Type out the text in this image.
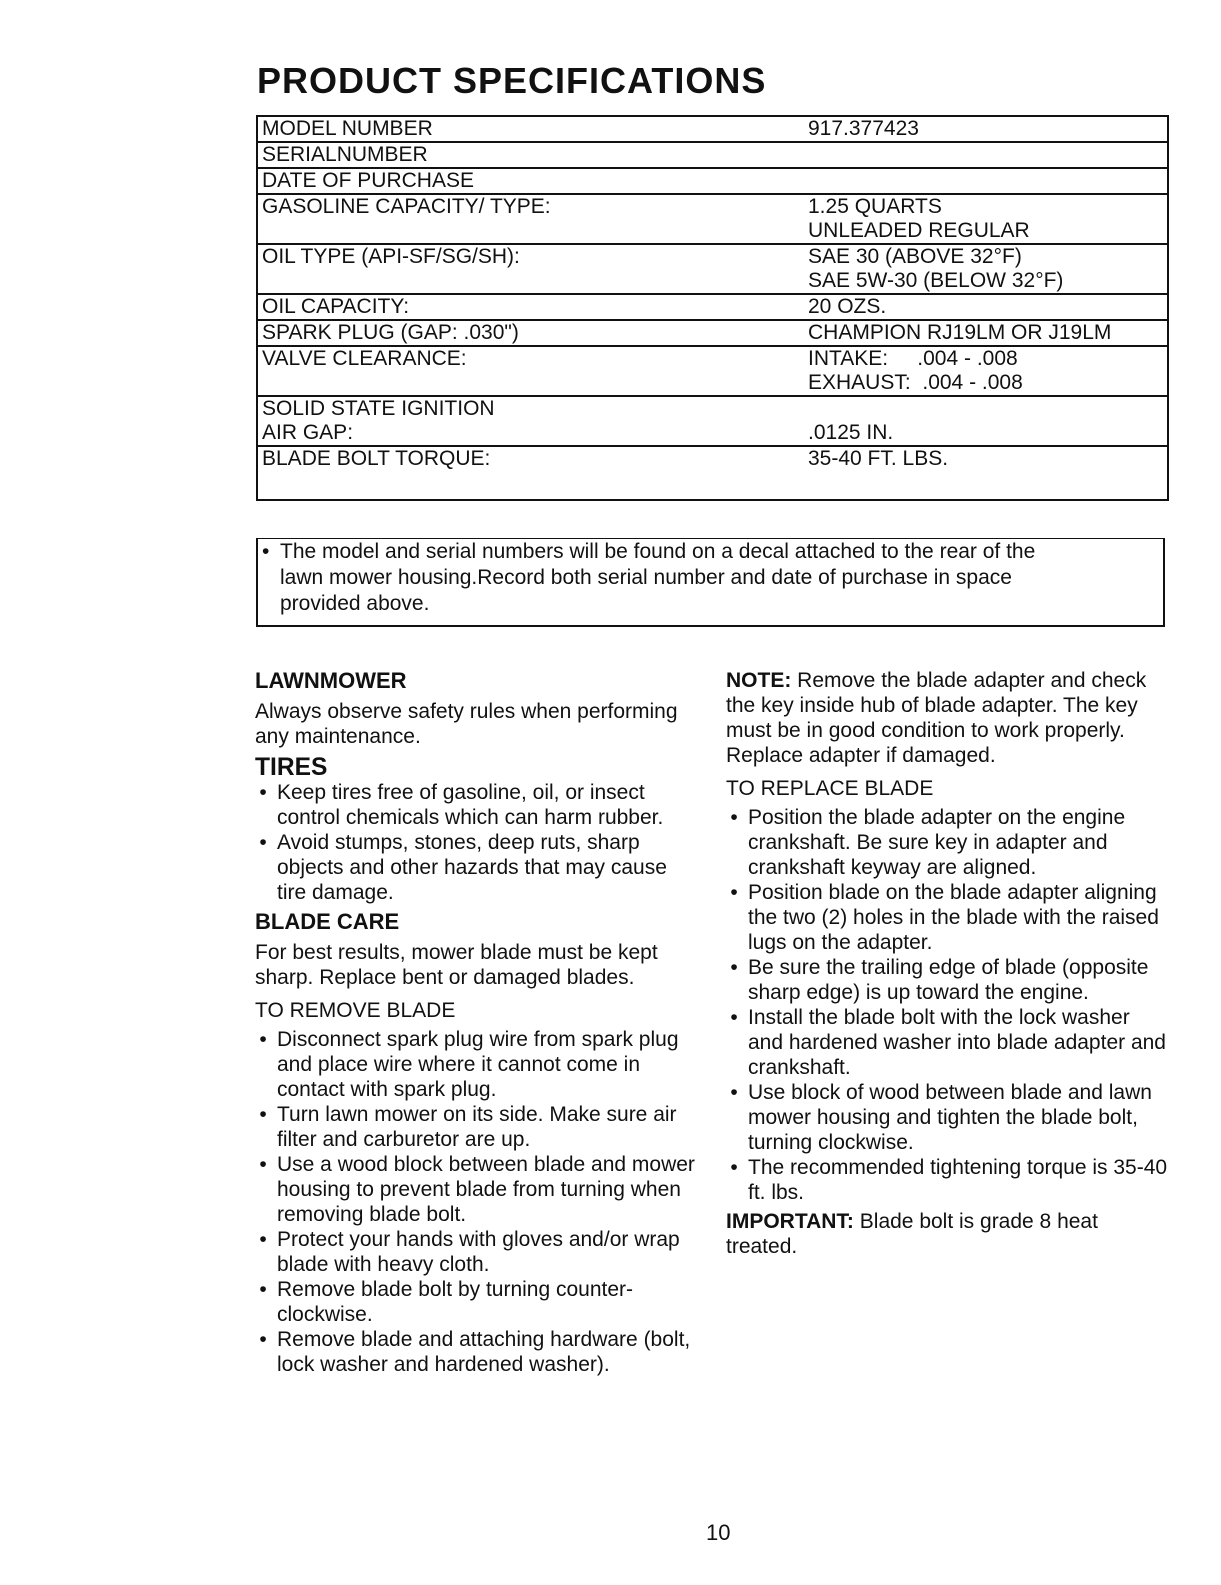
PRODUCT SPECIFICATIONS
MODEL NUMBER	917.377423
SERIALNUMBER

DATE OF PURCHASE

GASOLINE CAPACITY/ TYPE:	1.25 QUARTS
UNLEADED REGULAR
OIL TYPE (API-SF/SG/SH):	SAE 30 (ABOVE 32°F)
SAE 5W-30 (BELOW 32°F)
OIL CAPACITY:	20 OZS.
SPARK PLUG (GAP: .030")	CHAMPION RJ19LM OR J19LM
VALVE CLEARANCE:	INTAKE:     .004 - .008
EXHAUST:  .004 - .008
SOLID STATE IGNITION
AIR GAP:
	.0125 IN.
BLADE BOLT TORQUE:	35-40 FT. LBS.
• The model and serial numbers will be found on a decal attached to the rear of the
lawn mower housing.Record both serial number and date of purchase in space
provided above.
LAWNMOWER

Always observe safety rules when performing any maintenance.

TIRES
• Keep tires free of gasoline, oil, or insect control chemicals which can harm rubber.
• Avoid stumps, stones, deep ruts, sharp objects and other hazards that may cause tire damage.
BLADE CARE

For best results, mower blade must be kept sharp. Replace bent or damaged blades.

TO REMOVE BLADE
• Disconnect spark plug wire from spark plug and place wire where it cannot come in contact with spark plug.
• Turn lawn mower on its side. Make sure air filter and carburetor are up.
• Use a wood block between blade and mower housing to prevent blade from turning when removing blade bolt.
• Protect your hands with gloves and/or wrap blade with heavy cloth.
• Remove blade bolt by turning counter-clockwise.
• Remove blade and attaching hardware (bolt, lock washer and hardened washer).

NOTE: Remove the blade adapter and check the key inside hub of blade adapter. The key must be in good condition to work properly. Replace adapter if damaged.

TO REPLACE BLADE
• Position the blade adapter on the engine crankshaft. Be sure key in adapter and crankshaft keyway are aligned.
• Position blade on the blade adapter aligning the two (2) holes in the blade with the raised lugs on the adapter.
• Be sure the trailing edge of blade (opposite sharp edge) is up toward the engine.
• Install the blade bolt with the lock washer and hardened washer into blade adapter and crankshaft.
• Use block of wood between blade and lawn mower housing and tighten the blade bolt, turning clockwise.
• The recommended tightening torque is 35-40 ft. lbs.

IMPORTANT: Blade bolt is grade 8 heat treated.

10
